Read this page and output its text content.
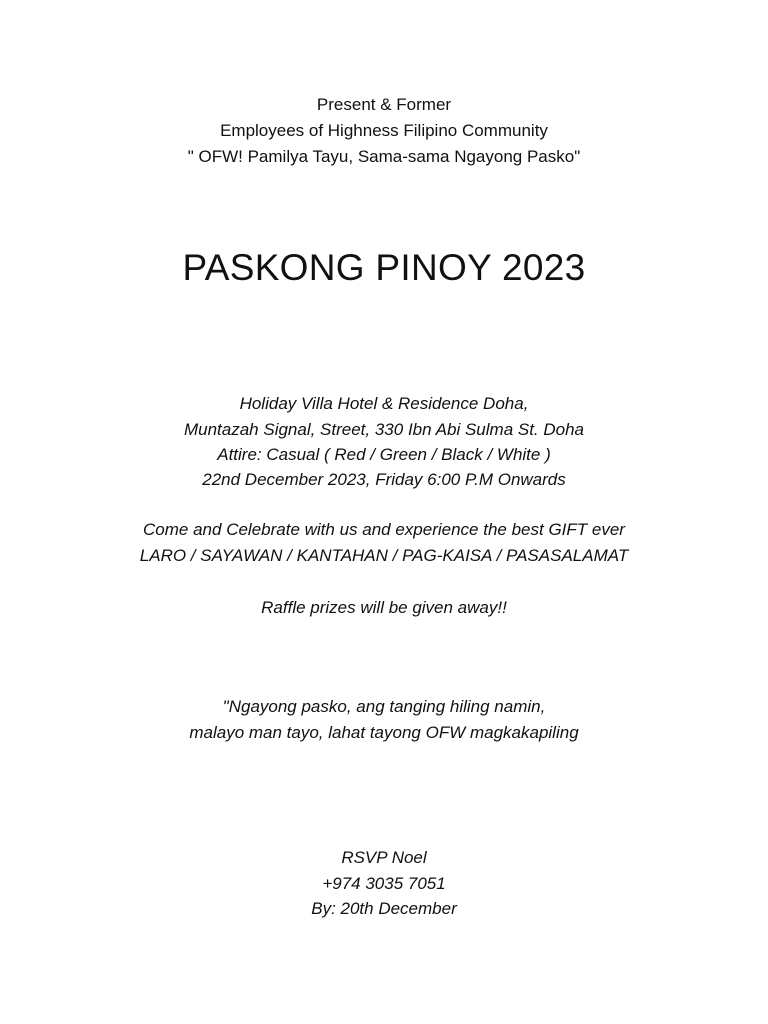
Present & Former
Employees of Highness Filipino Community
" OFW! Pamilya Tayu, Sama-sama Ngayong Pasko"
PASKONG PINOY 2023
Holiday Villa Hotel & Residence Doha,
Muntazah Signal, Street, 330 Ibn Abi Sulma St. Doha
Attire: Casual ( Red / Green / Black / White )
22nd December 2023, Friday 6:00 P.M Onwards
Come and Celebrate with us and experience the best GIFT ever
LARO / SAYAWAN / KANTAHAN / PAG-KAISA / PASASALAMAT
Raffle prizes will be given away!!
"Ngayong pasko, ang tanging hiling namin,
malayo man tayo, lahat tayong OFW magkakapiling
RSVP Noel
+974 3035 7051
By: 20th December
